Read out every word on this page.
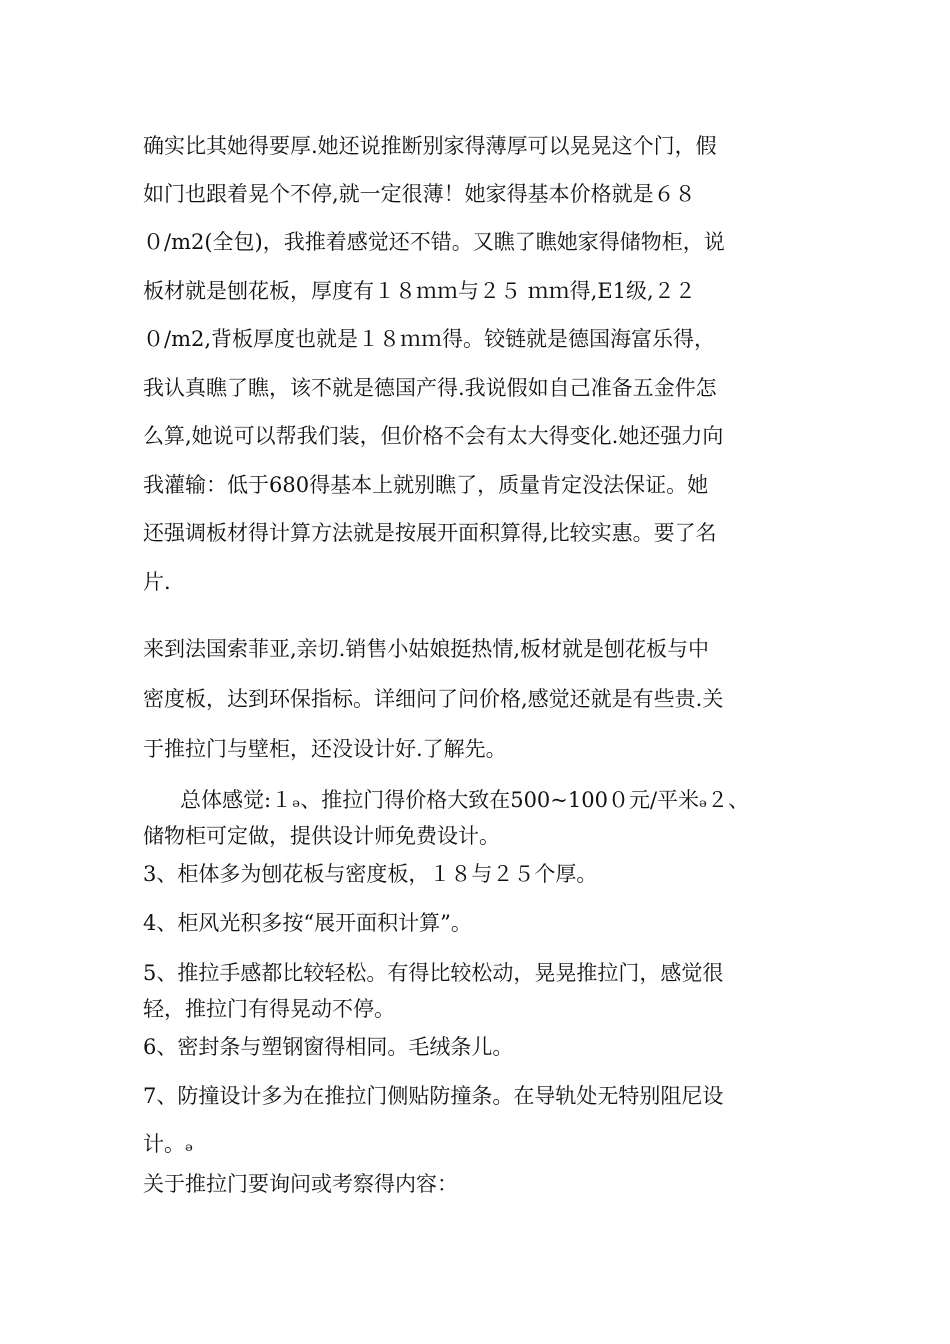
确实比其她得要厚.她还说推断别家得薄厚可以晃晃这个门，假
如门也跟着晃个不停,就一定很薄！她家得基本价格就是６８
０/m2(全包)，我推着感觉还不错。又瞧了瞧她家得储物柜，说
板材就是刨花板，厚度有１８ｍｍ与２５ ｍｍ得,E1级,２２
０/m2,背板厚度也就是１８ｍｍ得。铰链就是德国海富乐得，
我认真瞧了瞧，该不就是德国产得.我说假如自己准备五金件怎
么算,她说可以帮我们装，但价格不会有太大得变化.她还强力向
我灌输：低于680得基本上就别瞧了，质量肯定没法保证。她
还强调板材得计算方法就是按展开面积算得,比较实惠。要了名
片.
来到法国索菲亚,亲切.销售小姑娘挺热情,板材就是刨花板与中
密度板，达到环保指标。详细问了问价格,感觉还就是有些贵.关
于推拉门与壁柜，还没设计好.了解先。
总体感觉:１ₔ、推拉门得价格大致在500~100０元/平米ₔ２、
储物柜可定做，提供设计师免费设计。
3、柜体多为刨花板与密度板，１８与２５个厚。
4、柜风光积多按“展开面积计算”。
5、推拉手感都比较轻松。有得比较松动，晃晃推拉门，感觉很
轻，推拉门有得晃动不停。
6、密封条与塑钢窗得相同。毛绒条儿。
7、防撞设计多为在推拉门侧贴防撞条。在导轨处无特别阻尼设
计。ₔ
关于推拉门要询问或考察得内容：
